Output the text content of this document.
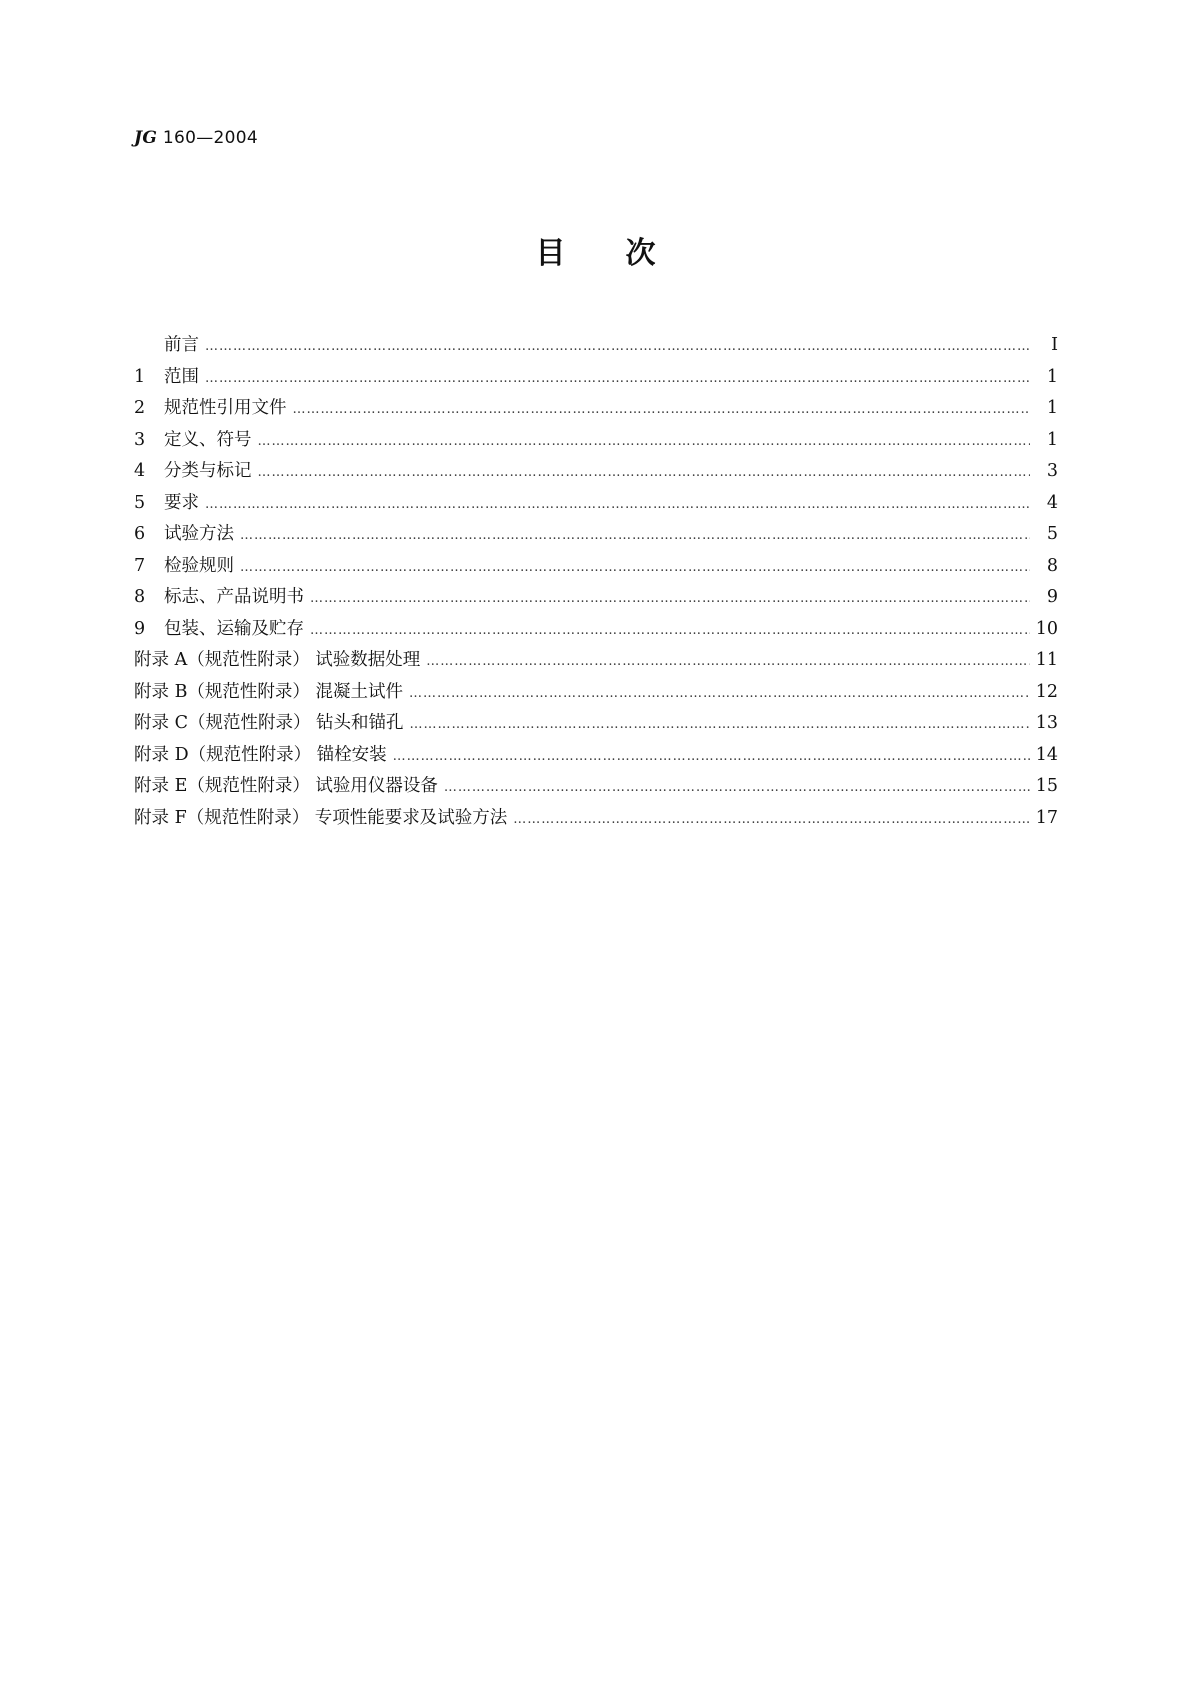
JG 160—2004
目次
前言 …………………………………………………………………………………………………………………………………………………………………………………………………	I
1 范围 …………………………………………………………………………………………………………………………………………………………………………………………………	1
2 规范性引用文件 …………………………………………………………………………………………………………………………………………………………………………………………………	1
3 定义、符号 …………………………………………………………………………………………………………………………………………………………………………………………………	1
4 分类与标记 …………………………………………………………………………………………………………………………………………………………………………………………………	3
5 要求 …………………………………………………………………………………………………………………………………………………………………………………………………	4
6 试验方法 …………………………………………………………………………………………………………………………………………………………………………………………………	5
7 检验规则 …………………………………………………………………………………………………………………………………………………………………………………………………	8
8 标志、产品说明书 …………………………………………………………………………………………………………………………………………………………………………………………………	9
9 包装、运输及贮存 …………………………………………………………………………………………………………………………………………………………………………………………………	10
附录 A（规范性附录） 试验数据处理 …………………………………………………………………………………………………………………………………………………………………………………………………	11
附录 B（规范性附录） 混凝土试件 …………………………………………………………………………………………………………………………………………………………………………………………………	12
附录 C（规范性附录） 钻头和锚孔 …………………………………………………………………………………………………………………………………………………………………………………………………	13
附录 D（规范性附录） 锚栓安装 …………………………………………………………………………………………………………………………………………………………………………………………………	14
附录 E（规范性附录） 试验用仪器设备 …………………………………………………………………………………………………………………………………………………………………………………………………	15
附录 F（规范性附录） 专项性能要求及试验方法 …………………………………………………………………………………………………………………………………………………………………………………………………	17
